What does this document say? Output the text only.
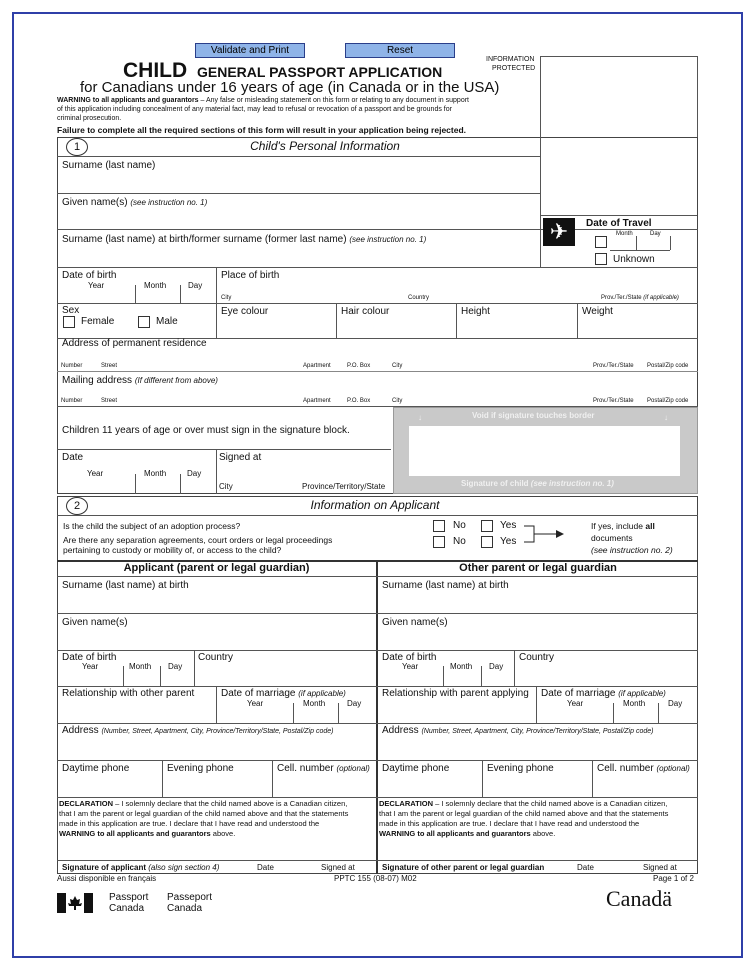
Validate and Print	Reset
CHILD GENERAL PASSPORT APPLICATION
for Canadians under 16 years of age (in Canada or in the USA)
INFORMATION
PROTECTED
WARNING to all applicants and guarantors – Any false or misleading statement on this form or relating to any document in support
of this application including concealment of any material fact, may lead to refusal or revocation of a passport and be grounds for
criminal prosecution.
Failure to complete all the required sections of this form will result in your application being rejected.
1	Child's Personal Information
Surname (last name)
Given name(s) (see instruction no. 1)
Surname (last name) at birth/former surname (former last name) (see instruction no. 1)	✈	Date of Travel
Month	Day
Unknown
Date of birth
Year	Month	Day
Place of birth
City	Country	Prov./Ter./State (if applicable)
Sex
Female	Male
Eye colour	Hair colour	Height	Weight
Address of permanent residence
Number	Street	Apartment	P.O. Box	City	Prov./Ter./State Postal/Zip code
Mailing address (If different from above)
Number	Street	Apartment	P.O. Box	City	Prov./Ter./State Postal/Zip code
Children 11 years of age or over must sign in the signature block.
Date
Year	Month	Day
Signed at
City	Province/Territory/State
Void if signature touches border
↓	↓
Signature of child (see instruction no. 1)
2	Information on Applicant
Is the child the subject of an adoption process?
Are there any separation agreements, court orders or legal proceedings
pertaining to custody or mobility of, or access to the child?
No	Yes
No	Yes
If yes, include all
documents
(see instruction no. 2)
Applicant (parent or legal guardian)	Other parent or legal guardian
Surname (last name) at birth
Given name(s)
Date of birth
Year	Month Day
Country
Relationship with other parent	Date of marriage (if applicable)
Year	Month	Day
Address (Number, Street, Apartment, City, Province/Territory/State, Postal/Zip code)
Daytime phone	Evening phone	Cell. number (optional)
DECLARATION – I solemnly declare that the child named above is a Canadian citizen,
that I am the parent or legal guardian of the child named above and that the statements
made in this application are true. I declare that I have read and understood the
WARNING to all applicants and guarantors above.
Signature of applicant (also sign section 4)	Date	Signed at
Surname (last name) at birth
Given name(s)
Date of birth
Year	Month Day
Country
Relationship with parent applying Date of marriage (if applicable)
Year	Month	Day
Address (Number, Street, Apartment, City, Province/Territory/State, Postal/Zip code)
Daytime phone	Evening phone	Cell. number (optional)
DECLARATION – I solemnly declare that the child named above is a Canadian citizen,
that I am the parent or legal guardian of the child named above and that the statements
made in this application are true. I declare that I have read and understood the
WARNING to all applicants and guarantors above.
Signature of other parent or legal guardian	Date	Signed at
Aussi disponible en français	PPTC 155 (08-07) M02	Page 1 of 2
Passport
Canada
Passeport
Canada	Canadä
